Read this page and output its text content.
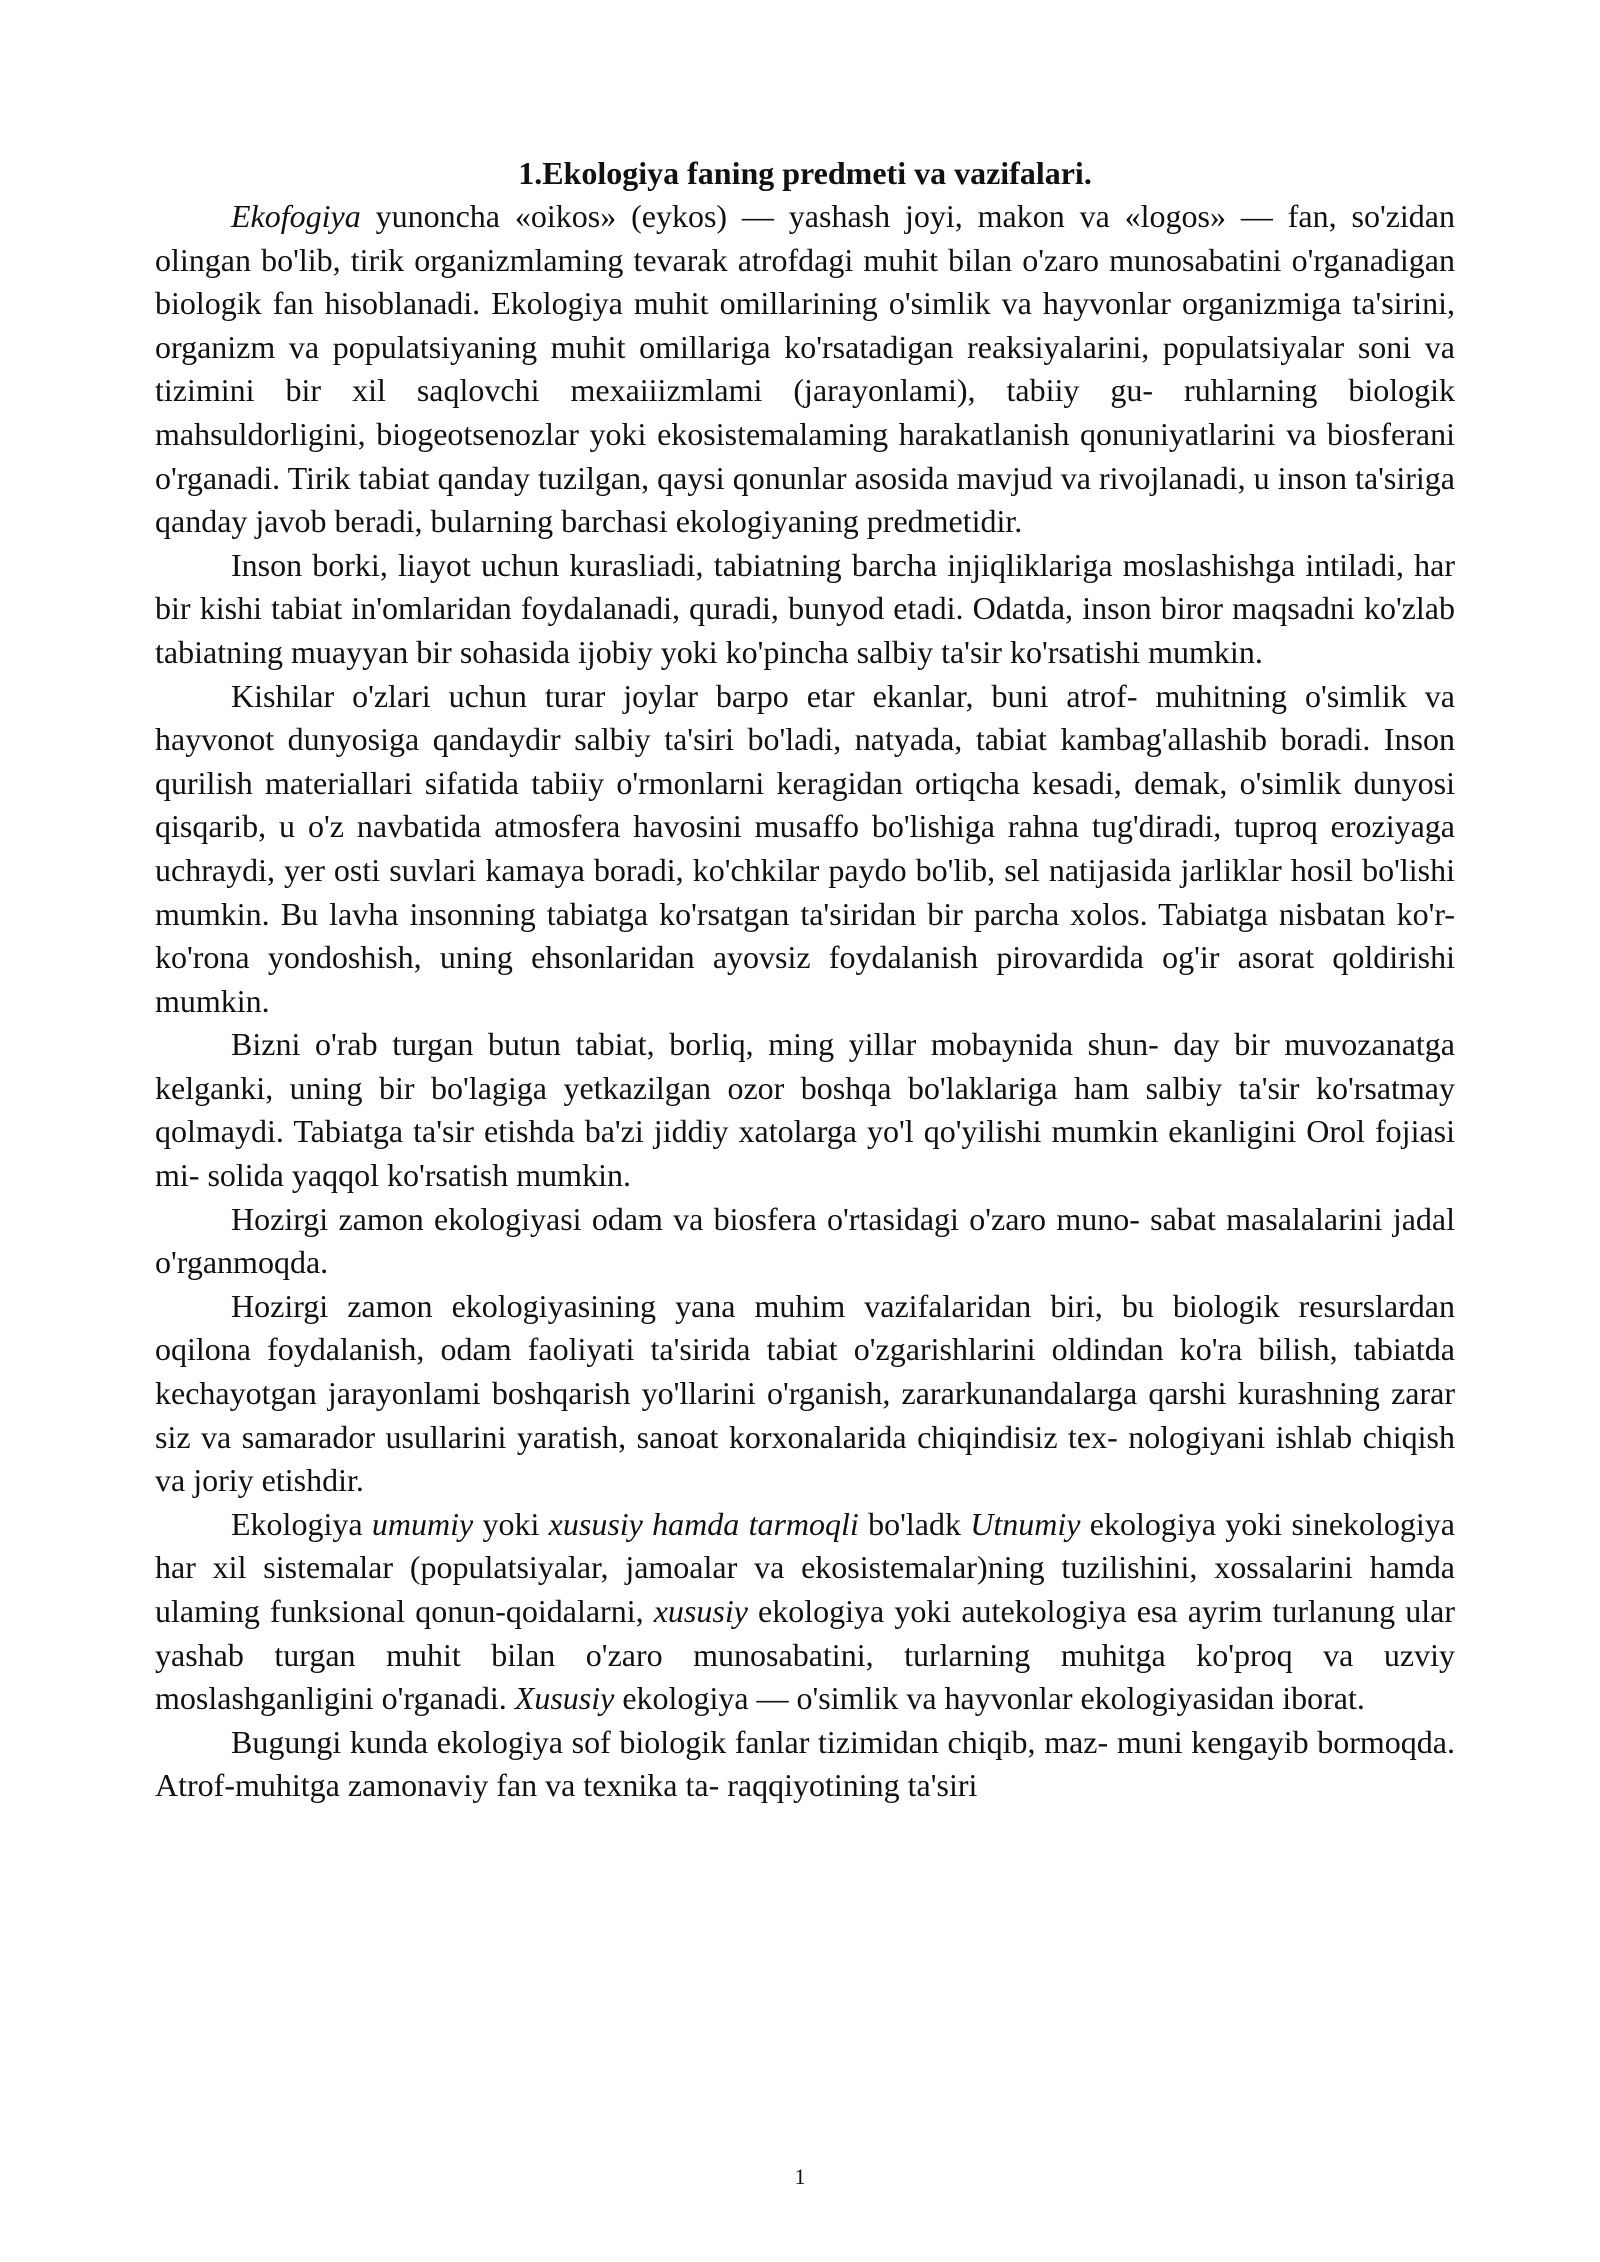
1.Ekologiya faning predmeti va vazifalari.

Ekofogiya yunoncha «oikos» (eykos) — yashash joyi, makon va «logos» — fan, so'zidan olingan bo'lib, tirik organizmlaming tevarak atrofdagi muhit bilan o'zaro munosabatini o'rganadigan biologik fan hisoblanadi. Ekologiya muhit omillarining o'simlik va hayvonlar organizmiga ta'sirini, organizm va populatsiyaning muhit omillariga ko'rsatadigan reaksiyalarini, populatsiyalar soni va tizimini bir xil saqlovchi mexaiiizmlami (jarayonlami), tabiiy gu- ruhlarning biologik mahsuldorligini, biogeotsenozlar yoki ekosistemalaming harakatlanish qonuniyatlarini va biosferani o'rganadi. Tirik tabiat qanday tuzilgan, qaysi qonunlar asosida mavjud va rivojlanadi, u inson ta'siriga qanday javob beradi, bularning barchasi ekologiyaning predmetidir.

Inson borki, liayot uchun kurasliadi, tabiatning barcha injiqliklariga moslashishga intiladi, har bir kishi tabiat in'omlaridan foydalanadi, quradi, bunyod etadi. Odatda, inson biror maqsadni ko'zlab tabiatning muayyan bir sohasida ijobiy yoki ko'pincha salbiy ta'sir ko'rsatishi mumkin.

Kishilar o'zlari uchun turar joylar barpo etar ekanlar, buni atrof- muhitning o'simlik va hayvonot dunyosiga qandaydir salbiy ta'siri bo'ladi, natyada, tabiat kambag'allashib boradi. Inson qurilish materiallari sifatida tabiiy o'rmonlarni keragidan ortiqcha kesadi, demak, o'simlik dunyosi qisqarib, u o'z navbatida atmosfera havosini musaffo bo'lishiga rahna tug'diradi, tuproq eroziyaga uchraydi, yer osti suvlari kamaya boradi, ko'chkilar paydo bo'lib, sel natijasida jarliklar hosil bo'lishi mumkin. Bu lavha insonning tabiatga ko'rsatgan ta'siridan bir parcha xolos. Tabiatga nisbatan ko'r-ko'rona yondoshish, uning ehsonlaridan ayovsiz foydalanish pirovardida og'ir asorat qoldirishi mumkin.

Bizni o'rab turgan butun tabiat, borliq, ming yillar mobaynida shun- day bir muvozanatga kelganki, uning bir bo'lagiga yetkazilgan ozor boshqa bo'laklariga ham salbiy ta'sir ko'rsatmay qolmaydi. Tabiatga ta'sir etishda ba'zi jiddiy xatolarga yo'l qo'yilishi mumkin ekanligini Orol fojiasi mi- solida yaqqol ko'rsatish mumkin.

Hozirgi zamon ekologiyasi odam va biosfera o'rtasidagi o'zaro muno- sabat masalalarini jadal o'rganmoqda.

Hozirgi zamon ekologiyasining yana muhim vazifalaridan biri, bu biologik resurslardan oqilona foydalanish, odam faoliyati ta'sirida tabiat o'zgarishlarini oldindan ko'ra bilish, tabiatda kechayotgan jarayonlami boshqarish yo'llarini o'rganish, zararkunandalarga qarshi kurashning zarar siz va samarador usullarini yaratish, sanoat korxonalarida chiqindisiz tex- nologiyani ishlab chiqish va joriy etishdir.

Ekologiya umumiy yoki xususiy hamda tarmoqli bo'ladk Utnumiy ekologiya yoki sinekologiya har xil sistemalar (populatsiyalar, jamoalar va ekosistemalar)ning tuzilishini, xossalarini hamda ulaming funksional qonun-qoidalarni, xususiy ekologiya yoki autekologiya esa ayrim turlanung ular yashab turgan muhit bilan o'zaro munosabatini, turlarning muhitga ko'proq va uzviy moslashganligini o'rganadi. Xususiy ekologiya — o'simlik va hayvonlar ekologiyasidan iborat.

Bugungi kunda ekologiya sof biologik fanlar tizimidan chiqib, maz- muni kengayib bormoqda. Atrof-muhitga zamonaviy fan va texnika ta- raqqiyotining ta'siri

1
